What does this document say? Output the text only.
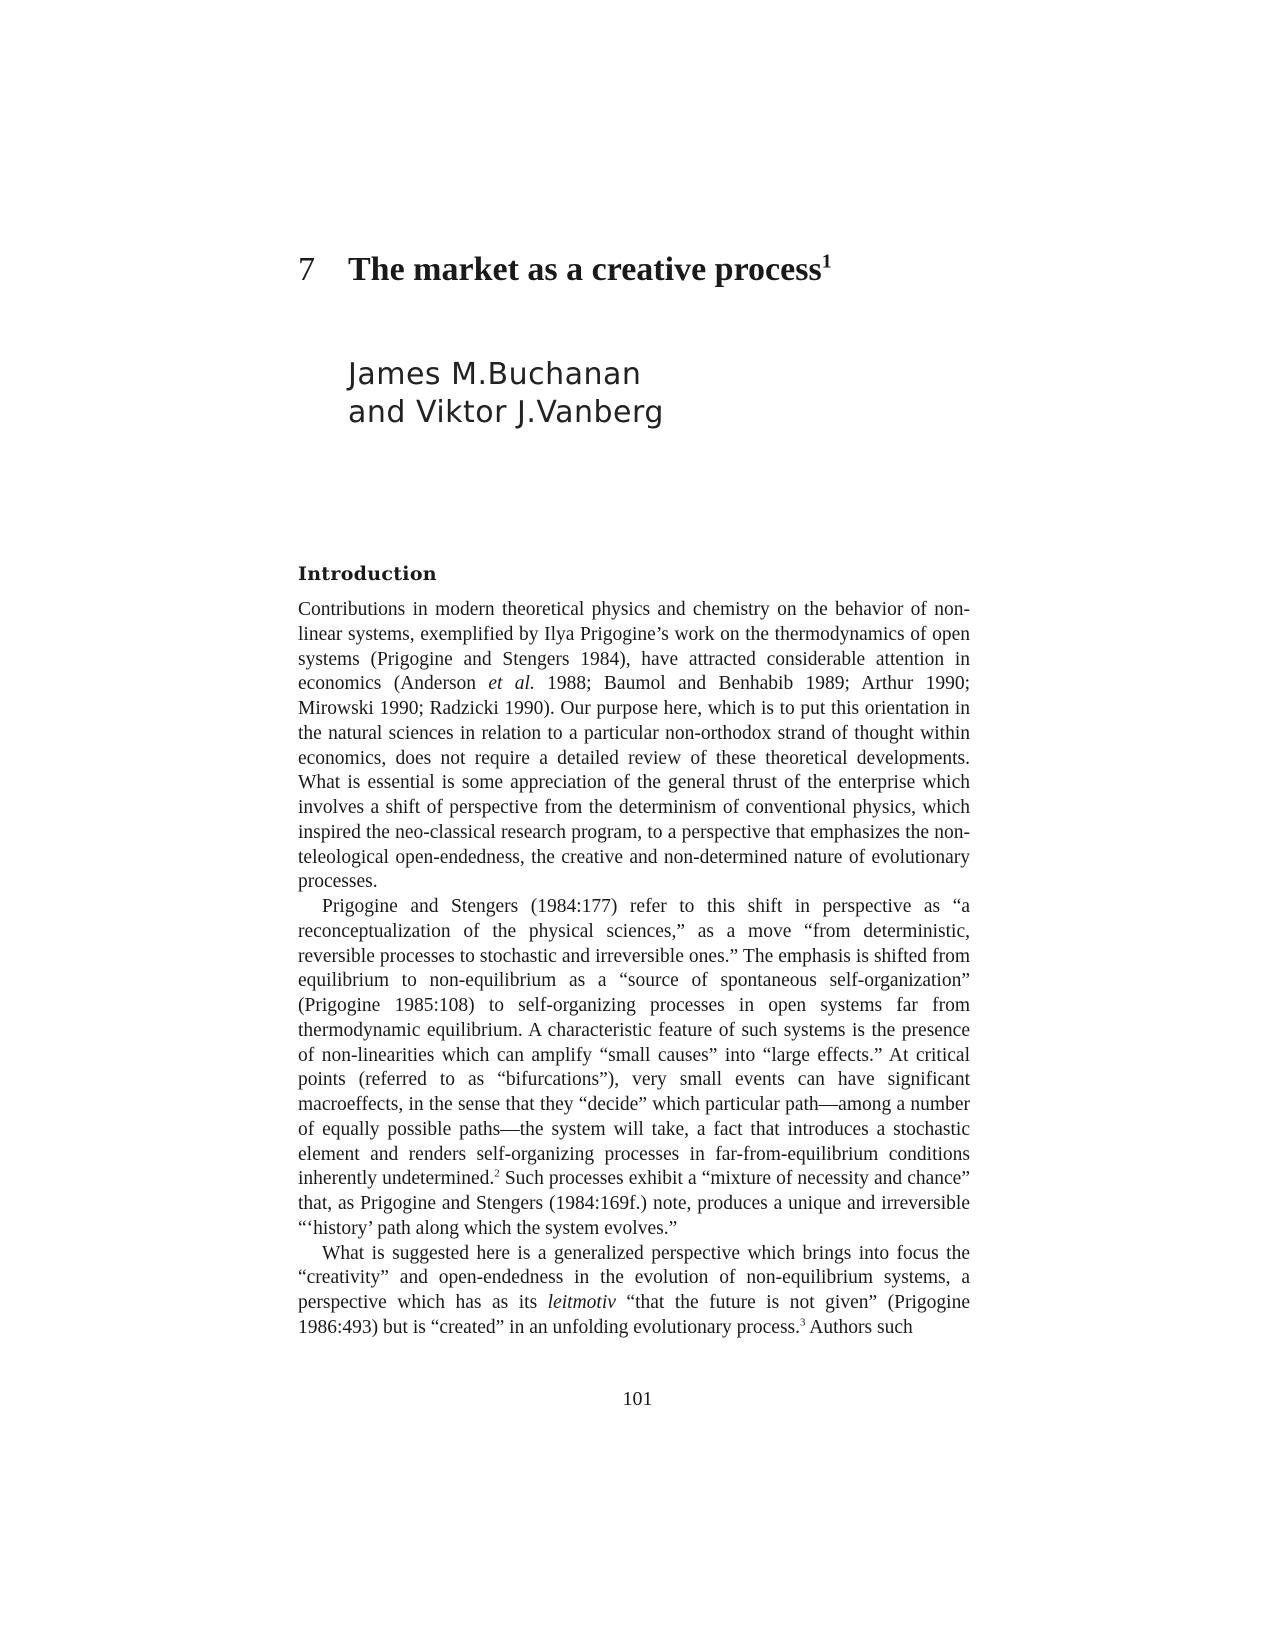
7 The market as a creative process$^1$
James M.Buchanan
and Viktor J.Vanberg
Introduction

Contributions in modern theoretical physics and chemistry on the behavior of non-linear systems, exemplified by Ilya Prigogine’s work on the thermodynamics of open systems (Prigogine and Stengers 1984), have attracted considerable attention in economics (Anderson et al. 1988; Baumol and Benhabib 1989; Arthur 1990; Mirowski 1990; Radzicki 1990). Our purpose here, which is to put this orientation in the natural sciences in relation to a particular non-orthodox strand of thought within economics, does not require a detailed review of these theoretical developments. What is essential is some appreciation of the general thrust of the enterprise which involves a shift of perspective from the determinism of conventional physics, which inspired the neo-classical research program, to a perspective that emphasizes the non-teleological open-endedness, the creative and non-determined nature of evolutionary processes.

Prigogine and Stengers (1984:177) refer to this shift in perspective as “a reconceptualization of the physical sciences,” as a move “from deterministic, reversible processes to stochastic and irreversible ones.” The emphasis is shifted from equilibrium to non-equilibrium as a “source of spontaneous self-organization” (Prigogine 1985:108) to self-organizing processes in open systems far from thermodynamic equilibrium. A characteristic feature of such systems is the presence of non-linearities which can amplify “small causes” into “large effects.” At critical points (referred to as “bifurcations”), very small events can have significant macroeffects, in the sense that they “decide” which particular path—among a number of equally possible paths—the system will take, a fact that introduces a stochastic element and renders self-organizing processes in far-from-equilibrium conditions inherently undetermined.$^2$ Such processes exhibit a “mixture of necessity and chance” that, as Prigogine and Stengers (1984:169f.) note, produces a unique and irreversible “‘history’ path along which the system evolves.”

What is suggested here is a generalized perspective which brings into focus the “creativity” and open-endedness in the evolution of non-equilibrium systems, a perspective which has as its leitmotiv “that the future is not given” (Prigogine 1986:493) but is “created” in an unfolding evolutionary process.$^3$ Authors such

101
